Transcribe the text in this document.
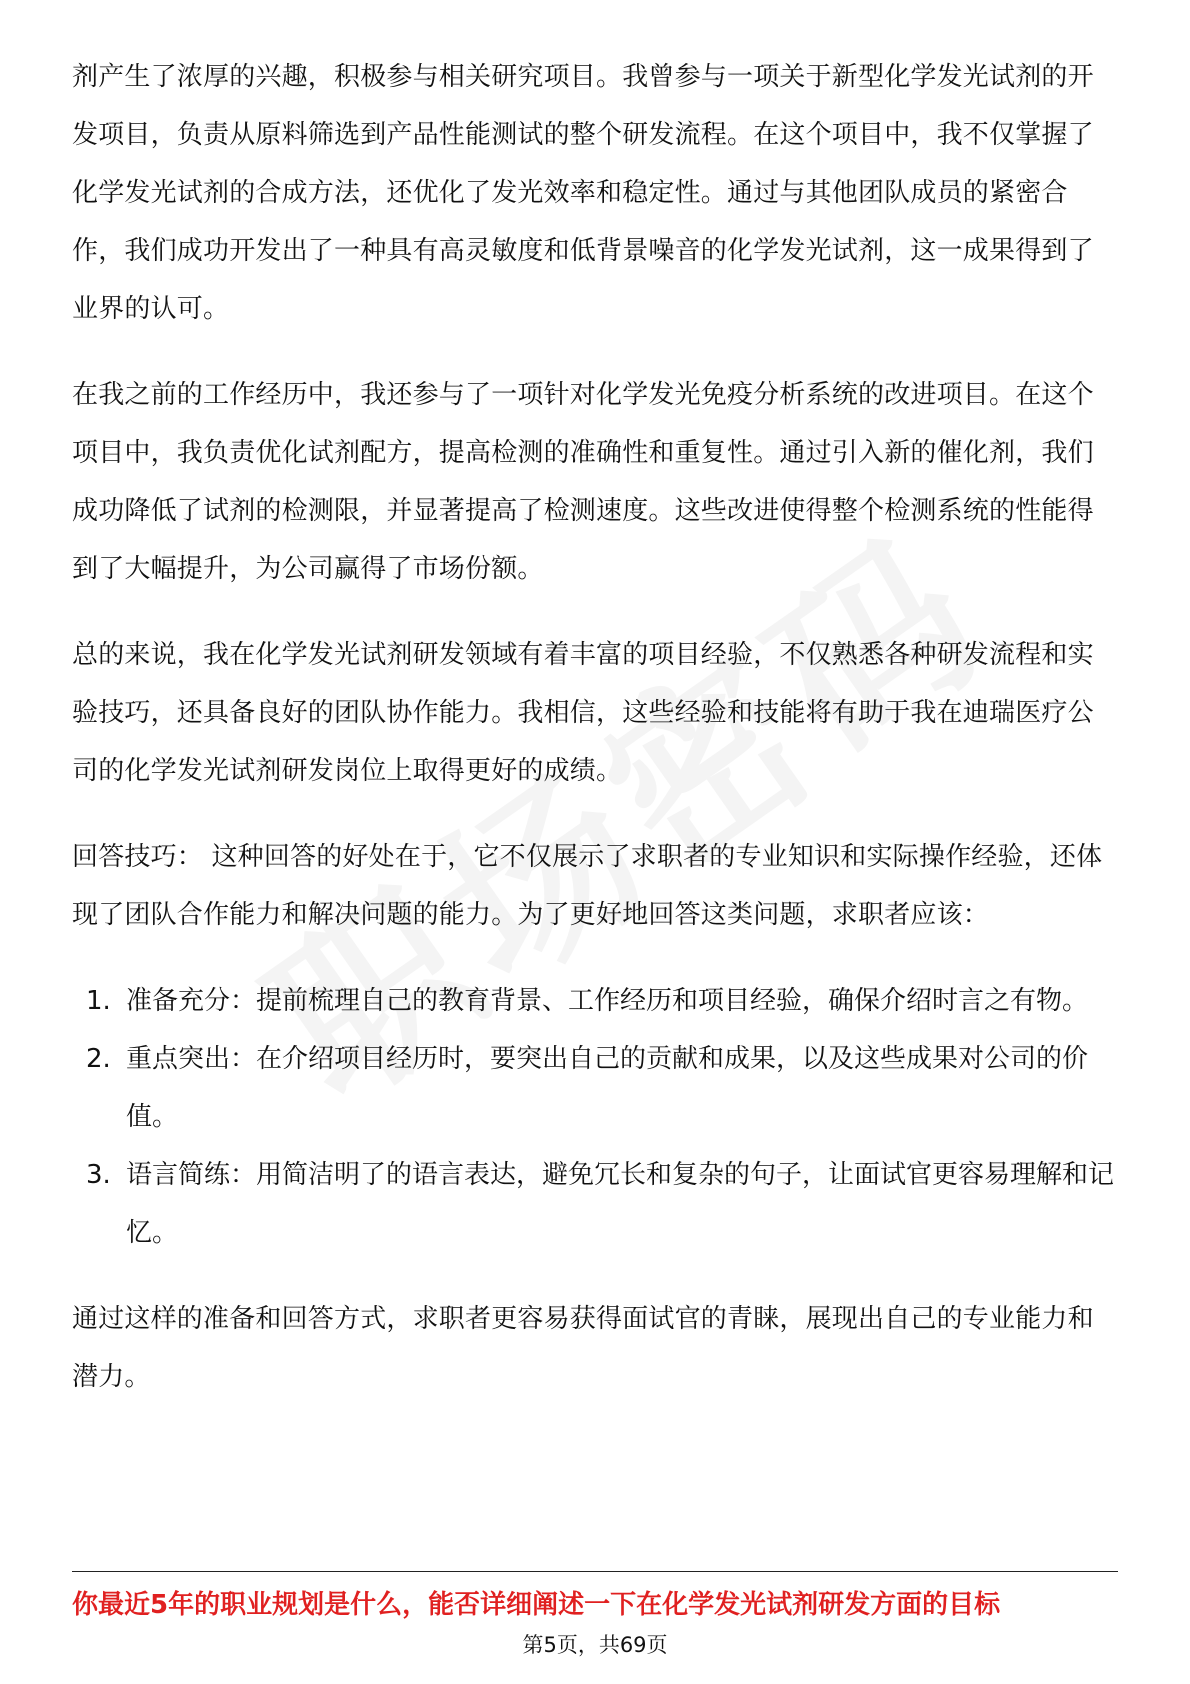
剂产生了浓厚的兴趣，积极参与相关研究项目。我曾参与一项关于新型化学发光试剂的开发项目，负责从原料筛选到产品性能测试的整个研发流程。在这个项目中，我不仅掌握了化学发光试剂的合成方法，还优化了发光效率和稳定性。通过与其他团队成员的紧密合作，我们成功开发出了一种具有高灵敏度和低背景噪音的化学发光试剂，这一成果得到了业界的认可。

在我之前的工作经历中，我还参与了一项针对化学发光免疫分析系统的改进项目。在这个项目中，我负责优化试剂配方，提高检测的准确性和重复性。通过引入新的催化剂，我们成功降低了试剂的检测限，并显著提高了检测速度。这些改进使得整个检测系统的性能得到了大幅提升，为公司赢得了市场份额。

总的来说，我在化学发光试剂研发领域有着丰富的项目经验，不仅熟悉各种研发流程和实验技巧，还具备良好的团队协作能力。我相信，这些经验和技能将有助于我在迪瑞医疗公司的化学发光试剂研发岗位上取得更好的成绩。

回答技巧： 这种回答的好处在于，它不仅展示了求职者的专业知识和实际操作经验，还体现了团队合作能力和解决问题的能力。为了更好地回答这类问题，求职者应该：

1. 准备充分：提前梳理自己的教育背景、工作经历和项目经验，确保介绍时言之有物。
2. 重点突出：在介绍项目经历时，要突出自己的贡献和成果，以及这些成果对公司的价值。
3. 语言简练：用简洁明了的语言表达，避免冗长和复杂的句子，让面试官更容易理解和记忆。

通过这样的准备和回答方式，求职者更容易获得面试官的青睐，展现出自己的专业能力和潜力。

你最近5年的职业规划是什么，能否详细阐述一下在化学发光试剂研发方面的目标
第5页，共69页
